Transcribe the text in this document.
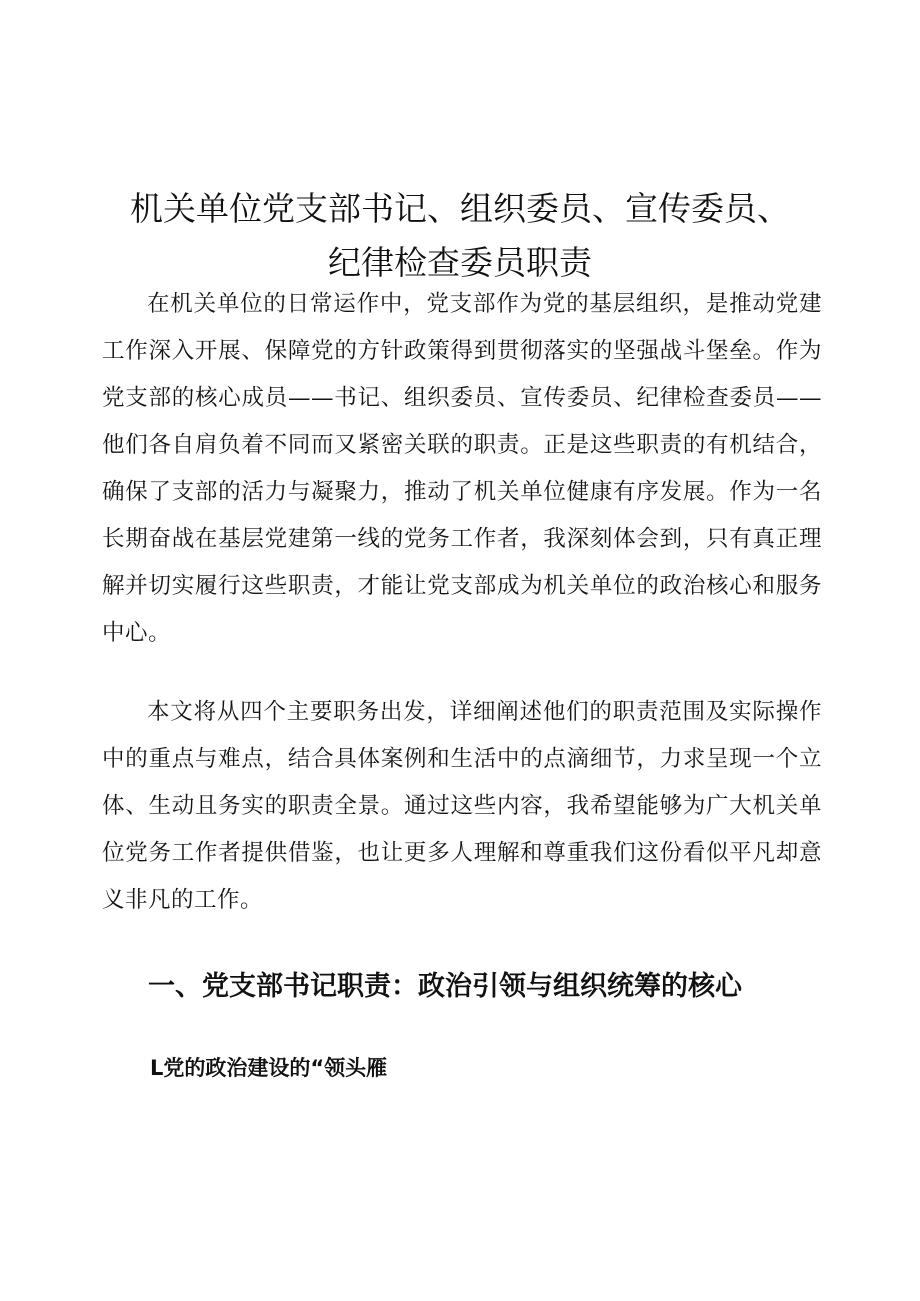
机关单位党支部书记、组织委员、宣传委员、
纪律检查委员职责

在机关单位的日常运作中，党支部作为党的基层组织，是推动党建工作深入开展、保障党的方针政策得到贯彻落实的坚强战斗堡垒。作为党支部的核心成员——书记、组织委员、宣传委员、纪律检查委员——他们各自肩负着不同而又紧密关联的职责。正是这些职责的有机结合，确保了支部的活力与凝聚力，推动了机关单位健康有序发展。作为一名长期奋战在基层党建第一线的党务工作者，我深刻体会到，只有真正理解并切实履行这些职责，才能让党支部成为机关单位的政治核心和服务中心。

本文将从四个主要职务出发，详细阐述他们的职责范围及实际操作中的重点与难点，结合具体案例和生活中的点滴细节，力求呈现一个立体、生动且务实的职责全景。通过这些内容，我希望能够为广大机关单位党务工作者提供借鉴，也让更多人理解和尊重我们这份看似平凡却意义非凡的工作。

一、党支部书记职责：政治引领与组织统筹的核心
L党的政治建设的“领头雁
